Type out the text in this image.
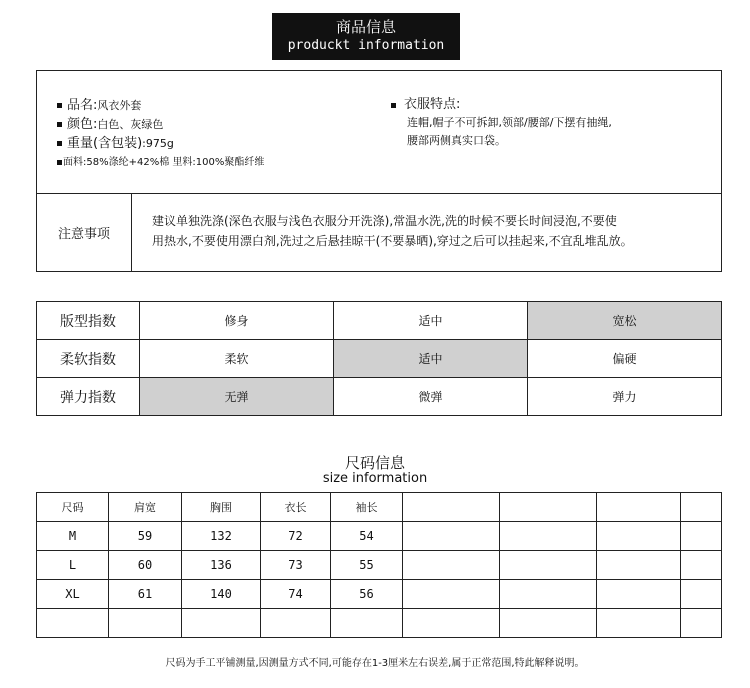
商品信息
produckt information
品名: 风衣外套
颜色: 白色、灰绿色
重量(含包装) :975g
面料:58%涤纶+42%棉 里料:100%聚酯纤维
衣服特点:
连帽,帽子不可拆卸,领部/腰部/下摆有抽绳,
腰部两侧真实口袋。
注意事项
建议单独洗涤(深色衣服与浅色衣服分开洗涤),常温水洗,洗的时候不要长时间浸泡,不要使
用热水,不要使用漂白剂,洗过之后悬挂晾干(不要暴晒),穿过之后可以挂起来,不宜乱堆乱放。
版型指数	修身	适中	宽松
柔软指数	柔软	适中	偏硬
弹力指数	无弹	微弹	弹力
尺码信息
size information
尺码	肩宽	胸围	衣长	袖长				
M	59	132	72	54				
L	60	136	73	55				
XL	61	140	74	56				

尺码为手工平铺测量,因测量方式不同,可能存在1-3厘米左右误差,属于正常范围,特此解释说明。
